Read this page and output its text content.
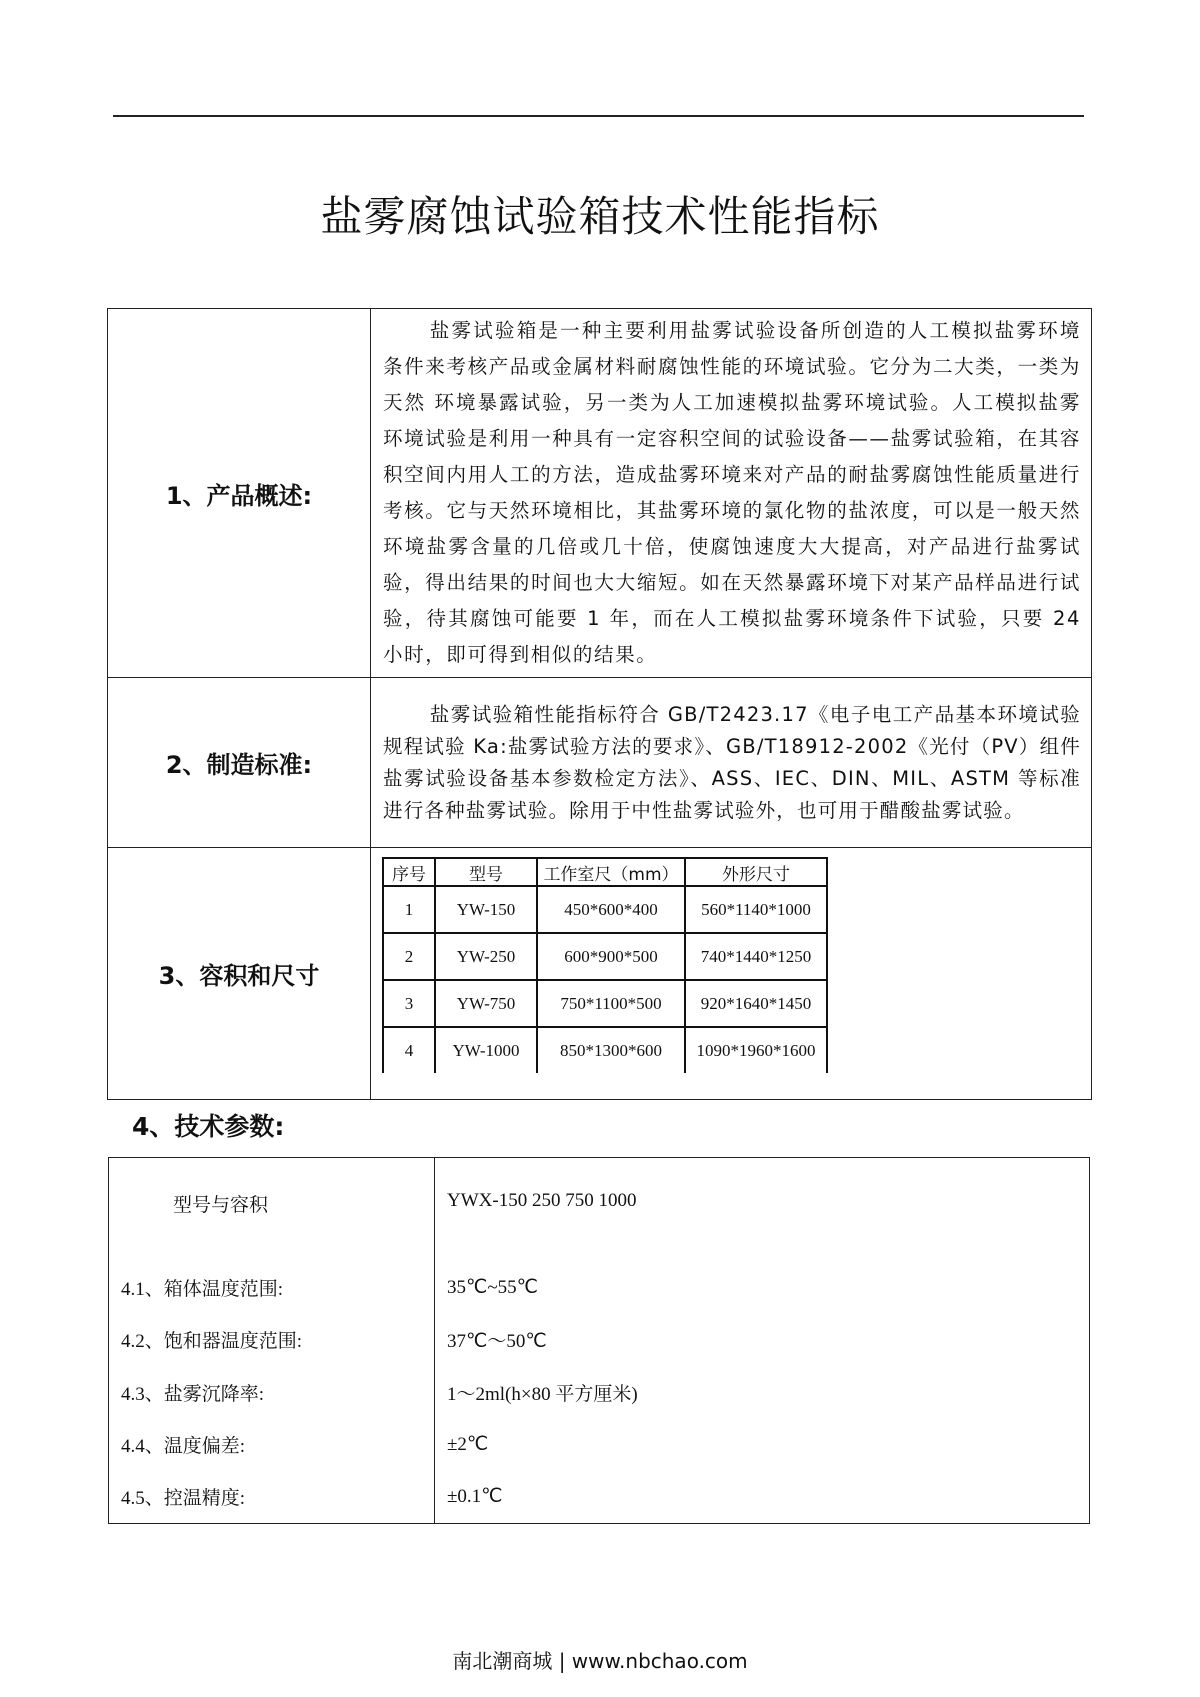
盐雾腐蚀试验箱技术性能指标
1、产品概述:	盐雾试验箱是一种主要利用盐雾试验设备所创造的人工模拟盐雾环境条件来考核产品或金属材料耐腐蚀性能的环境试验。它分为二大类，一类为天然 环境暴露试验，另一类为人工加速模拟盐雾环境试验。人工模拟盐雾环境试验是利用一种具有一定容积空间的试验设备——盐雾试验箱，在其容积空间内用人工的方法，造成盐雾环境来对产品的耐盐雾腐蚀性能质量进行考核。它与天然环境相比，其盐雾环境的氯化物的盐浓度，可以是一般天然环境盐雾含量的几倍或几十倍，使腐蚀速度大大提高，对产品进行盐雾试验，得出结果的时间也大大缩短。如在天然暴露环境下对某产品样品进行试验，待其腐蚀可能要 1 年，而在人工模拟盐雾环境条件下试验，只要 24 小时，即可得到相似的结果。
2、制造标准:	盐雾试验箱性能指标符合 GB/T2423.17《电子电工产品基本环境试验规程试验 Ka:盐雾试验方法的要求》、GB/T18912-2002《光付（PV）组件盐雾试验设备基本参数检定方法》、ASS、IEC、DIN、MIL、ASTM 等标准进行各种盐雾试验。除用于中性盐雾试验外，也可用于醋酸盐雾试验。
3、容积和尺寸	
序号	型号	工作室尺（mm）	外形尺寸
1	YW-150	450*600*400	560*1140*1000
2	YW-250	600*900*500	740*1440*1250
3	YW-750	750*1100*500	920*1640*1450
4	YW-1000	850*1300*600	1090*1960*1600
4、技术参数:
型号与容积	YWX-150 250 750 1000
4.1、箱体温度范围:	35℃~55℃
4.2、饱和器温度范围:	37℃～50℃
4.3、盐雾沉降率:	1～2ml(h×80 平方厘米)
4.4、温度偏差:	±2℃
4.5、控温精度:	±0.1℃
南北潮商城 | www.nbchao.com
